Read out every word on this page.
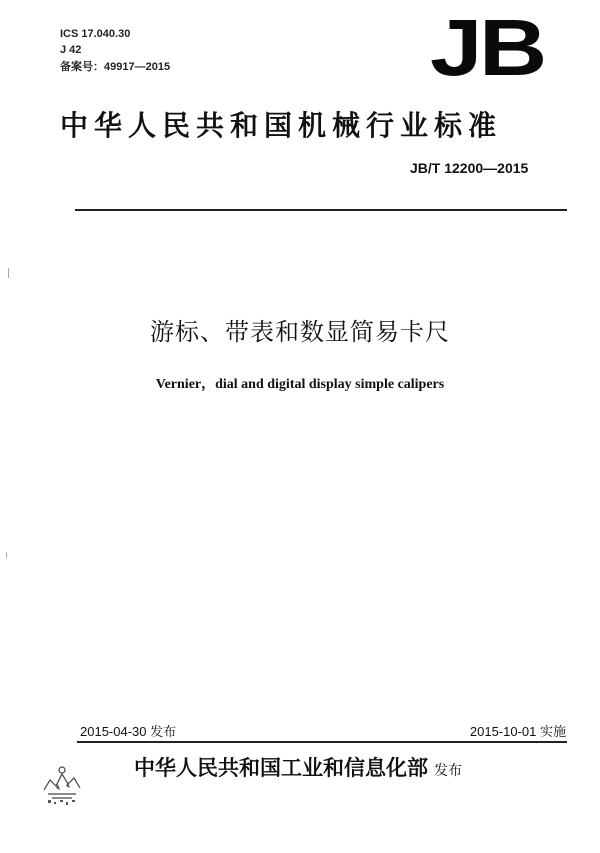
ICS 17.040.30
J 42
备案号：49917—2015	JB
中华人民共和国机械行业标准
JB/T 12200—2015
游标、带表和数显简易卡尺
Vernier，dial and digital display simple calipers
2015-04-30 发布	2015-10-01 实施
中华人民共和国工业和信息化部 发布
